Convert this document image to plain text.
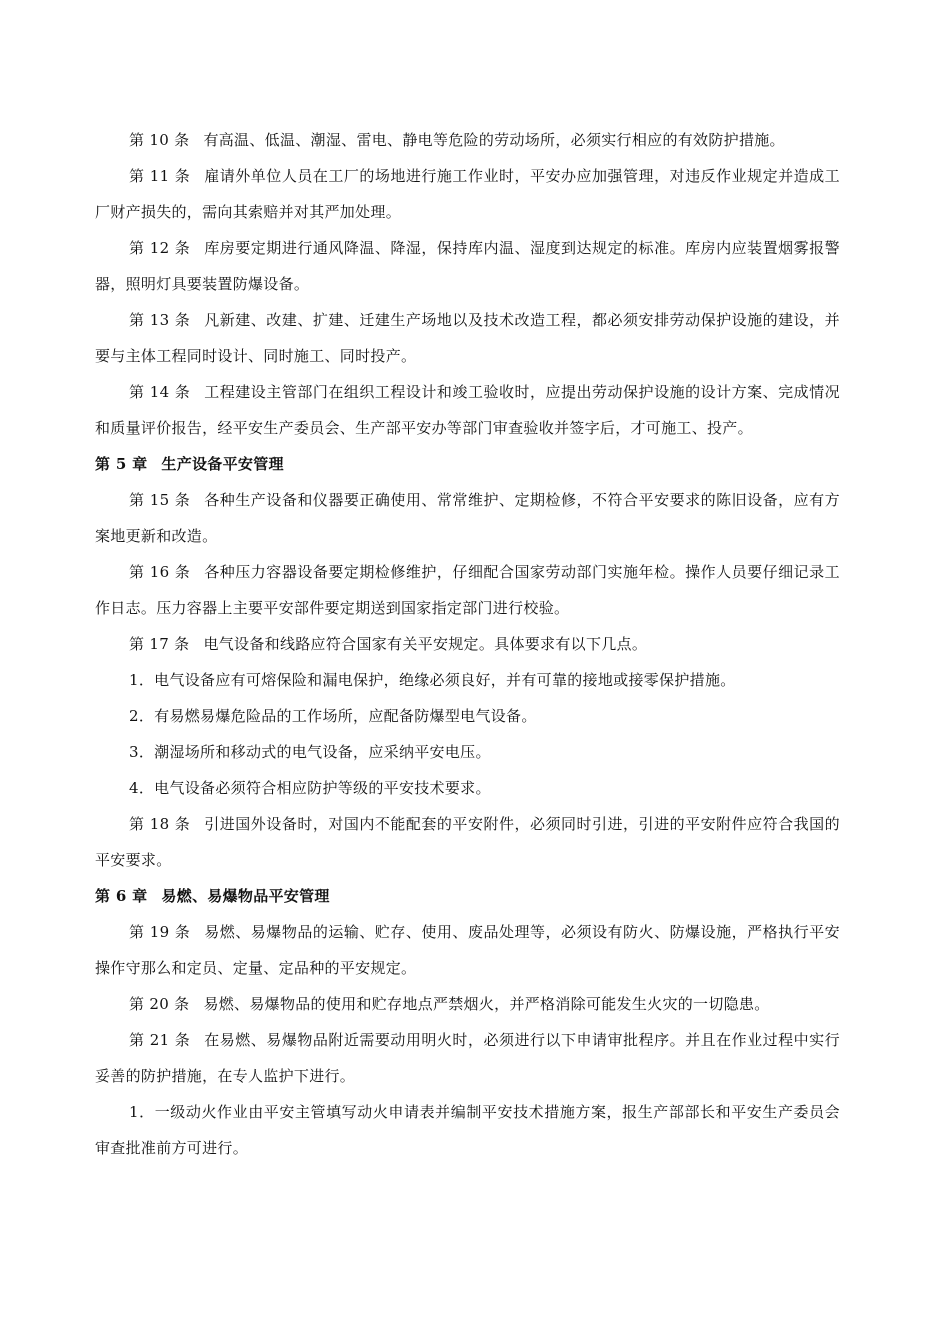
第 10 条 有高温、低温、潮湿、雷电、静电等危险的劳动场所，必须实行相应的有效防护措施。

第 11 条 雇请外单位人员在工厂的场地进行施工作业时，平安办应加强管理，对违反作业规定并造成工厂财产损失的，需向其索赔并对其严加处理。

第 12 条 库房要定期进行通风降温、降湿，保持库内温、湿度到达规定的标准。库房内应装置烟雾报警器，照明灯具要装置防爆设备。

第 13 条 凡新建、改建、扩建、迁建生产场地以及技术改造工程，都必须安排劳动保护设施的建设，并要与主体工程同时设计、同时施工、同时投产。

第 14 条 工程建设主管部门在组织工程设计和竣工验收时，应提出劳动保护设施的设计方案、完成情况和质量评价报告，经平安生产委员会、生产部平安办等部门审查验收并签字后，才可施工、投产。

第 5 章 生产设备平安管理

第 15 条 各种生产设备和仪器要正确使用、常常维护、定期检修，不符合平安要求的陈旧设备，应有方案地更新和改造。

第 16 条 各种压力容器设备要定期检修维护，仔细配合国家劳动部门实施年检。操作人员要仔细记录工作日志。压力容器上主要平安部件要定期送到国家指定部门进行校验。

第 17 条 电气设备和线路应符合国家有关平安规定。具体要求有以下几点。

1．电气设备应有可熔保险和漏电保护，绝缘必须良好，并有可靠的接地或接零保护措施。

2．有易燃易爆危险品的工作场所，应配备防爆型电气设备。

3．潮湿场所和移动式的电气设备，应采纳平安电压。

4．电气设备必须符合相应防护等级的平安技术要求。

第 18 条 引进国外设备时，对国内不能配套的平安附件，必须同时引进，引进的平安附件应符合我国的平安要求。

第 6 章 易燃、易爆物品平安管理

第 19 条 易燃、易爆物品的运输、贮存、使用、废品处理等，必须设有防火、防爆设施，严格执行平安操作守那么和定员、定量、定品种的平安规定。

第 20 条 易燃、易爆物品的使用和贮存地点严禁烟火，并严格消除可能发生火灾的一切隐患。

第 21 条 在易燃、易爆物品附近需要动用明火时，必须进行以下申请审批程序。并且在作业过程中实行妥善的防护措施，在专人监护下进行。

1．一级动火作业由平安主管填写动火申请表并编制平安技术措施方案，报生产部部长和平安生产委员会审查批准前方可进行。
